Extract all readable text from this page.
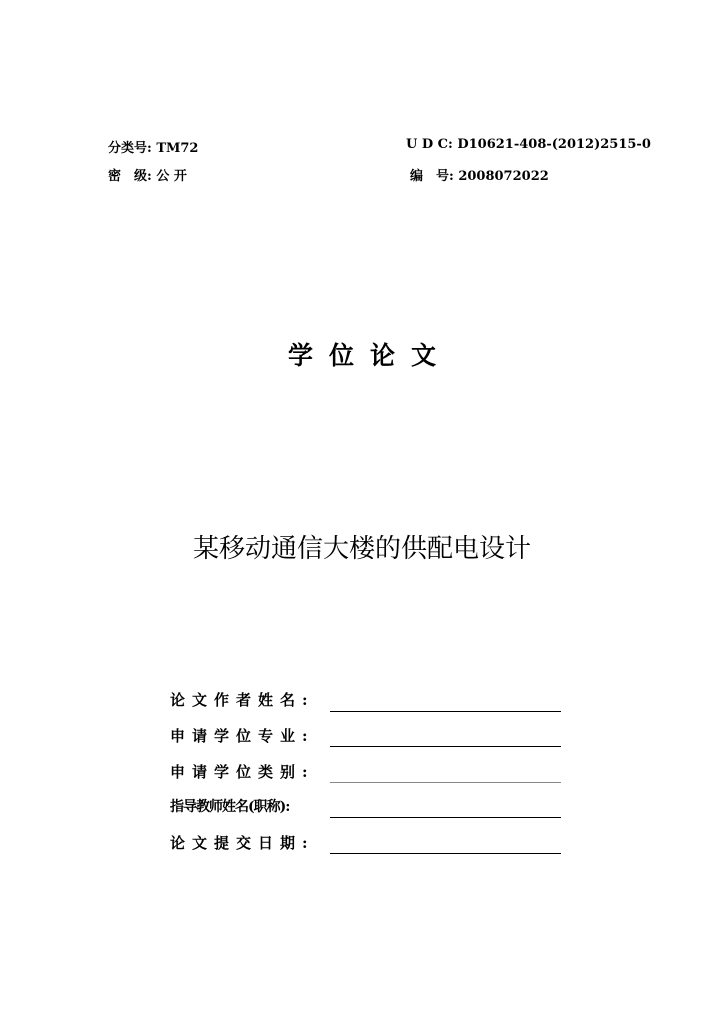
分类号: TM72	U D C: D10621-408-(2012)2515-0
密　级: 公 开	编　号: 2008072022
学位论文
某移动通信大楼的供配电设计
论文作者姓名:
申请学位专业:
申请学位类别:
指导教师姓名(职称):
论文提交日期:
